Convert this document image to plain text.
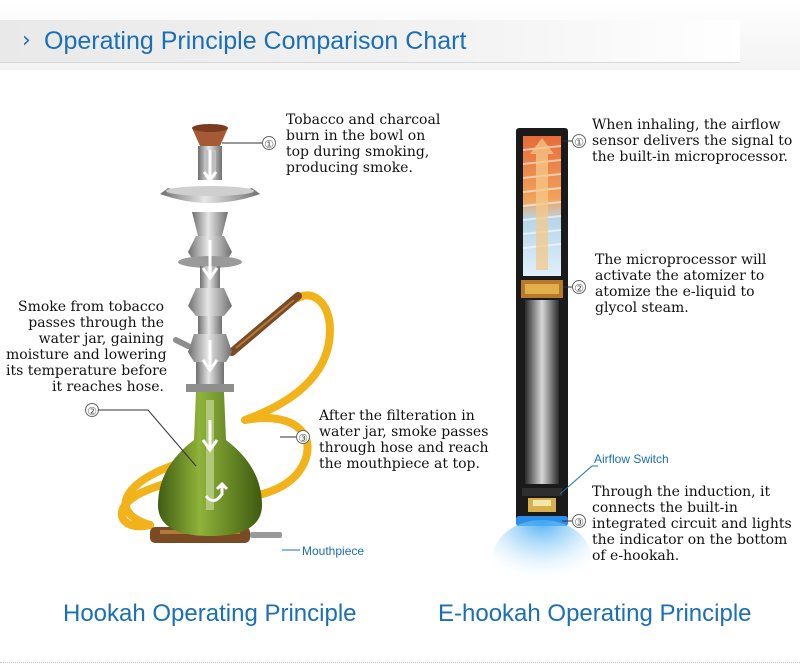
› Operating Principle Comparison Chart
①
②
③
①
②
③
Tobacco and charcoal
burn in the bowl on
top during smoking,
producing smoke.
Smoke from tobacco
passes through the
water jar, gaining
moisture and lowering
its temperature before
it reaches hose.
After the filteration in
water jar, smoke passes
through hose and reach
the mouthpiece at top.
Mouthpiece
When inhaling, the airflow
sensor delivers the signal to
the built-in microprocessor.
The microprocessor will
activate the atomizer to
atomize the e-liquid to
glycol steam.
Airflow Switch
Through the induction, it
connects the built-in
integrated circuit and lights
the indicator on the bottom
of e-hookah.
Hookah Operating Principle	E-hookah Operating Principle
